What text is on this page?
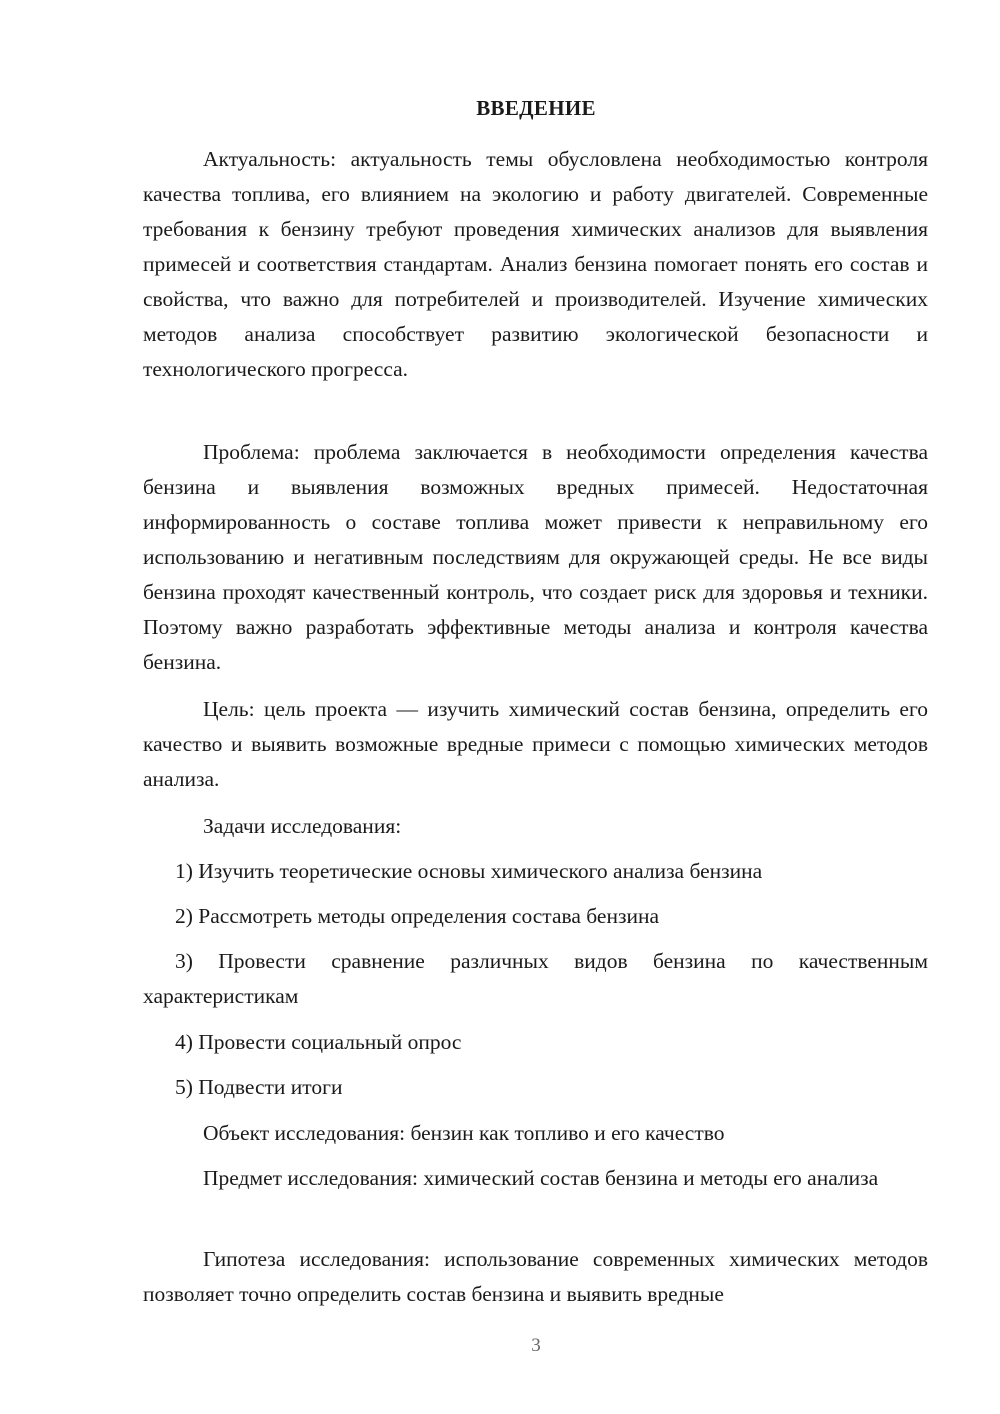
ВВЕДЕНИЕ

Актуальность: актуальность темы обусловлена необходимостью контроля качества топлива, его влиянием на экологию и работу двигателей. Современные требования к бензину требуют проведения химических анализов для выявления примесей и соответствия стандартам. Анализ бензина помогает понять его состав и свойства, что важно для потребителей и производителей. Изучение химических методов анализа способствует развитию экологической безопасности и технологического прогресса.

Проблема: проблема заключается в необходимости определения качества бензина и выявления возможных вредных примесей. Недостаточная информированность о составе топлива может привести к неправильному его использованию и негативным последствиям для окружающей среды. Не все виды бензина проходят качественный контроль, что создает риск для здоровья и техники. Поэтому важно разработать эффективные методы анализа и контроля качества бензина.

Цель: цель проекта — изучить химический состав бензина, определить его качество и выявить возможные вредные примеси с помощью химических методов анализа.

Задачи исследования:

1) Изучить теоретические основы химического анализа бензина

2) Рассмотреть методы определения состава бензина

3) Провести сравнение различных видов бензина по качественным характеристикам

4) Провести социальный опрос

5) Подвести итоги

Объект исследования: бензин как топливо и его качество

Предмет исследования: химический состав бензина и методы его анализа

Гипотеза исследования: использование современных химических методов позволяет точно определить состав бензина и выявить вредные

3
